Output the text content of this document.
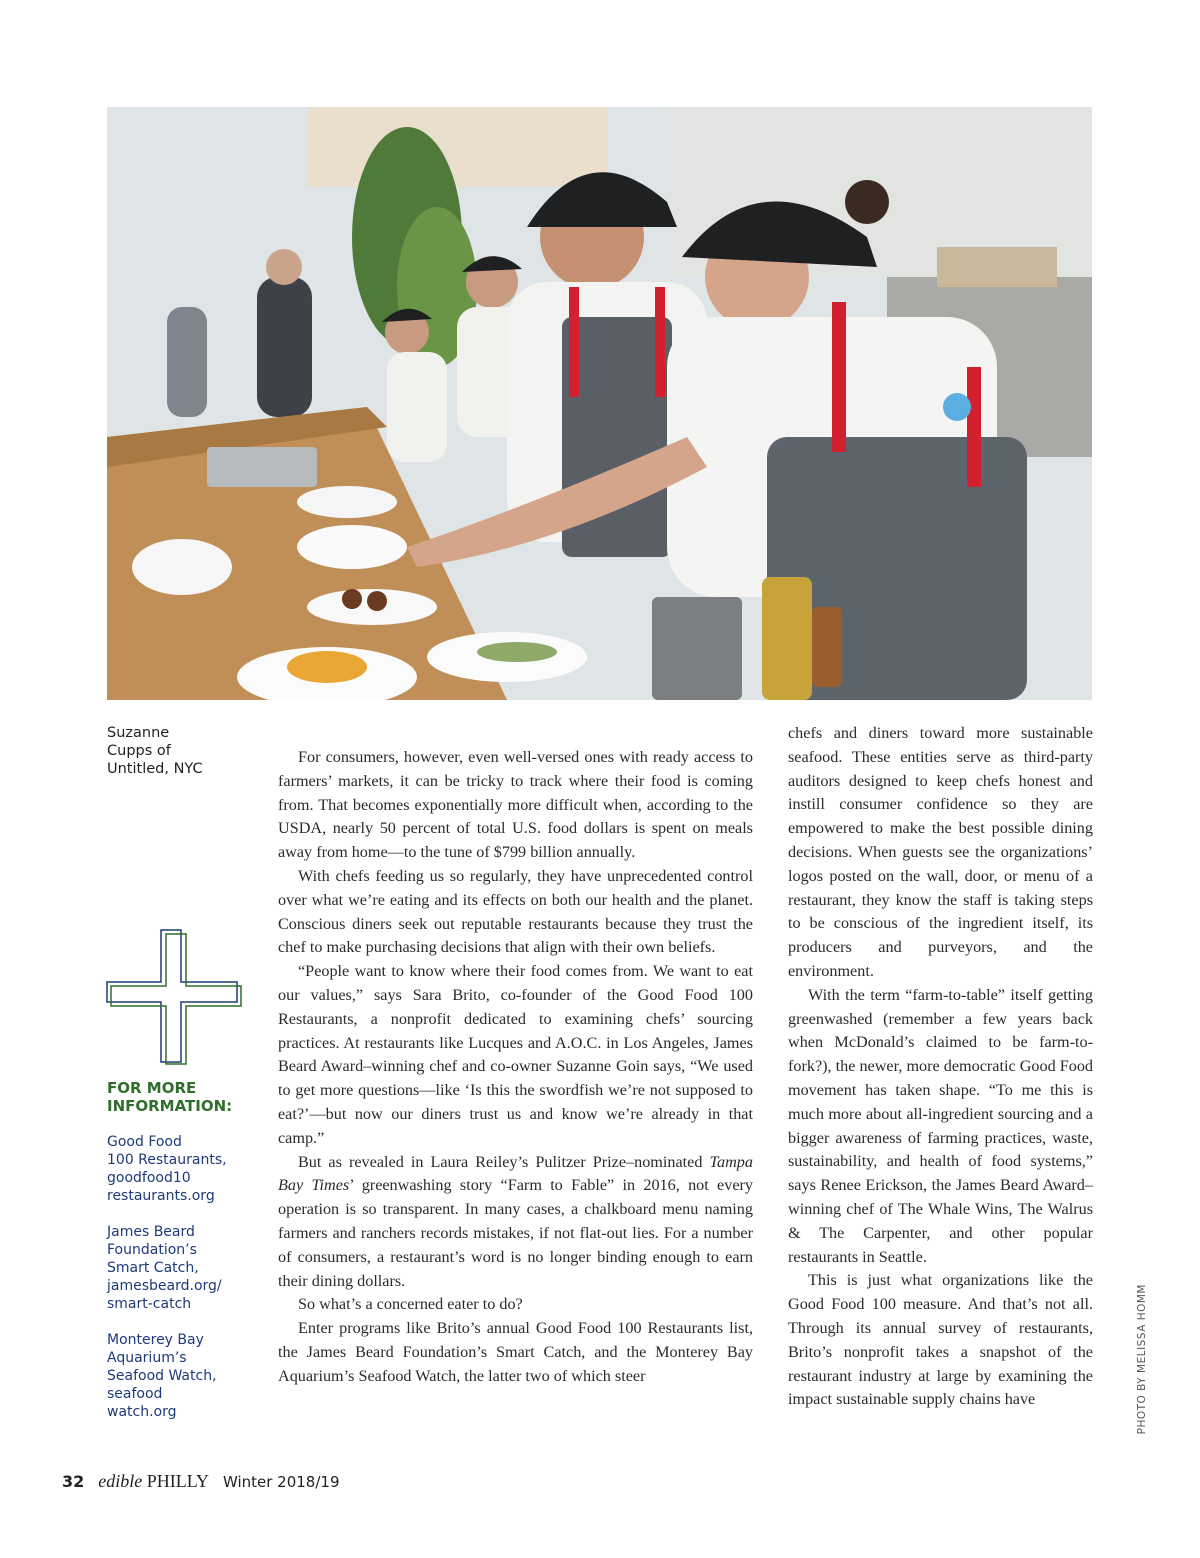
Suzanne
Cupps of
Untitled, NYC

FOR MORE
INFORMATION:

Good Food
100 Restaurants,
goodfood10
restaurants.org
James Beard
Foundation’s
Smart Catch,
jamesbeard.org/
smart-catch
Monterey Bay
Aquarium’s
Seafood Watch,
seafood
watch.org

For consumers, however, even well-versed ones with ready access to farmers’ markets, it can be tricky to track where their food is coming from. That becomes exponentially more difficult when, according to the USDA, nearly 50 percent of total U.S. food dollars is spent on meals away from home—to the tune of $799 billion annually.

With chefs feeding us so regularly, they have unprecedented control over what we’re eating and its effects on both our health and the planet. Conscious diners seek out reputable restaurants because they trust the chef to make purchasing decisions that align with their own beliefs.

“People want to know where their food comes from. We want to eat our values,” says Sara Brito, co-founder of the Good Food 100 Restaurants, a nonprofit dedicated to examining chefs’ sourcing practices. At restaurants like Lucques and A.O.C. in Los Angeles, James Beard Award–winning chef and co-owner Suzanne Goin says, “We used to get more questions—like ‘Is this the swordfish we’re not supposed to eat?’—but now our diners trust us and know we’re already in that camp.”

But as revealed in Laura Reiley’s Pulitzer Prize–nominated Tampa Bay Times’ greenwashing story “Farm to Fable” in 2016, not every operation is so transparent. In many cases, a chalkboard menu naming farmers and ranchers records mistakes, if not flat-out lies. For a number of consumers, a restaurant’s word is no longer binding enough to earn their dining dollars.

So what’s a concerned eater to do?

Enter programs like Brito’s annual Good Food 100 Restaurants list, the James Beard Foundation’s Smart Catch, and the Monterey Bay Aquarium’s Seafood Watch, the latter two of which steer

chefs and diners toward more sustainable seafood. These entities serve as third-party auditors designed to keep chefs honest and instill consumer confidence so they are empowered to make the best possible dining decisions. When guests see the organizations’ logos posted on the wall, door, or menu of a restaurant, they know the staff is taking steps to be conscious of the ingredient itself, its producers and purveyors, and the environment.

With the term “farm-to-table” itself getting greenwashed (remember a few years back when McDonald’s claimed to be farm-to-fork?), the newer, more democratic Good Food movement has taken shape. “To me this is much more about all-ingredient sourcing and a bigger awareness of farming practices, waste, sustainability, and health of food systems,” says Renee Erickson, the James Beard Award–winning chef of The Whale Wins, The Walrus & The Carpenter, and other popular restaurants in Seattle.

This is just what organizations like the Good Food 100 measure. And that’s not all. Through its annual survey of restaurants, Brito’s nonprofit takes a snapshot of the restaurant industry at large by examining the impact sustainable supply chains have	PHOTO BY MELISSA HOMM
32 edible PHILLY Winter 2018/19
